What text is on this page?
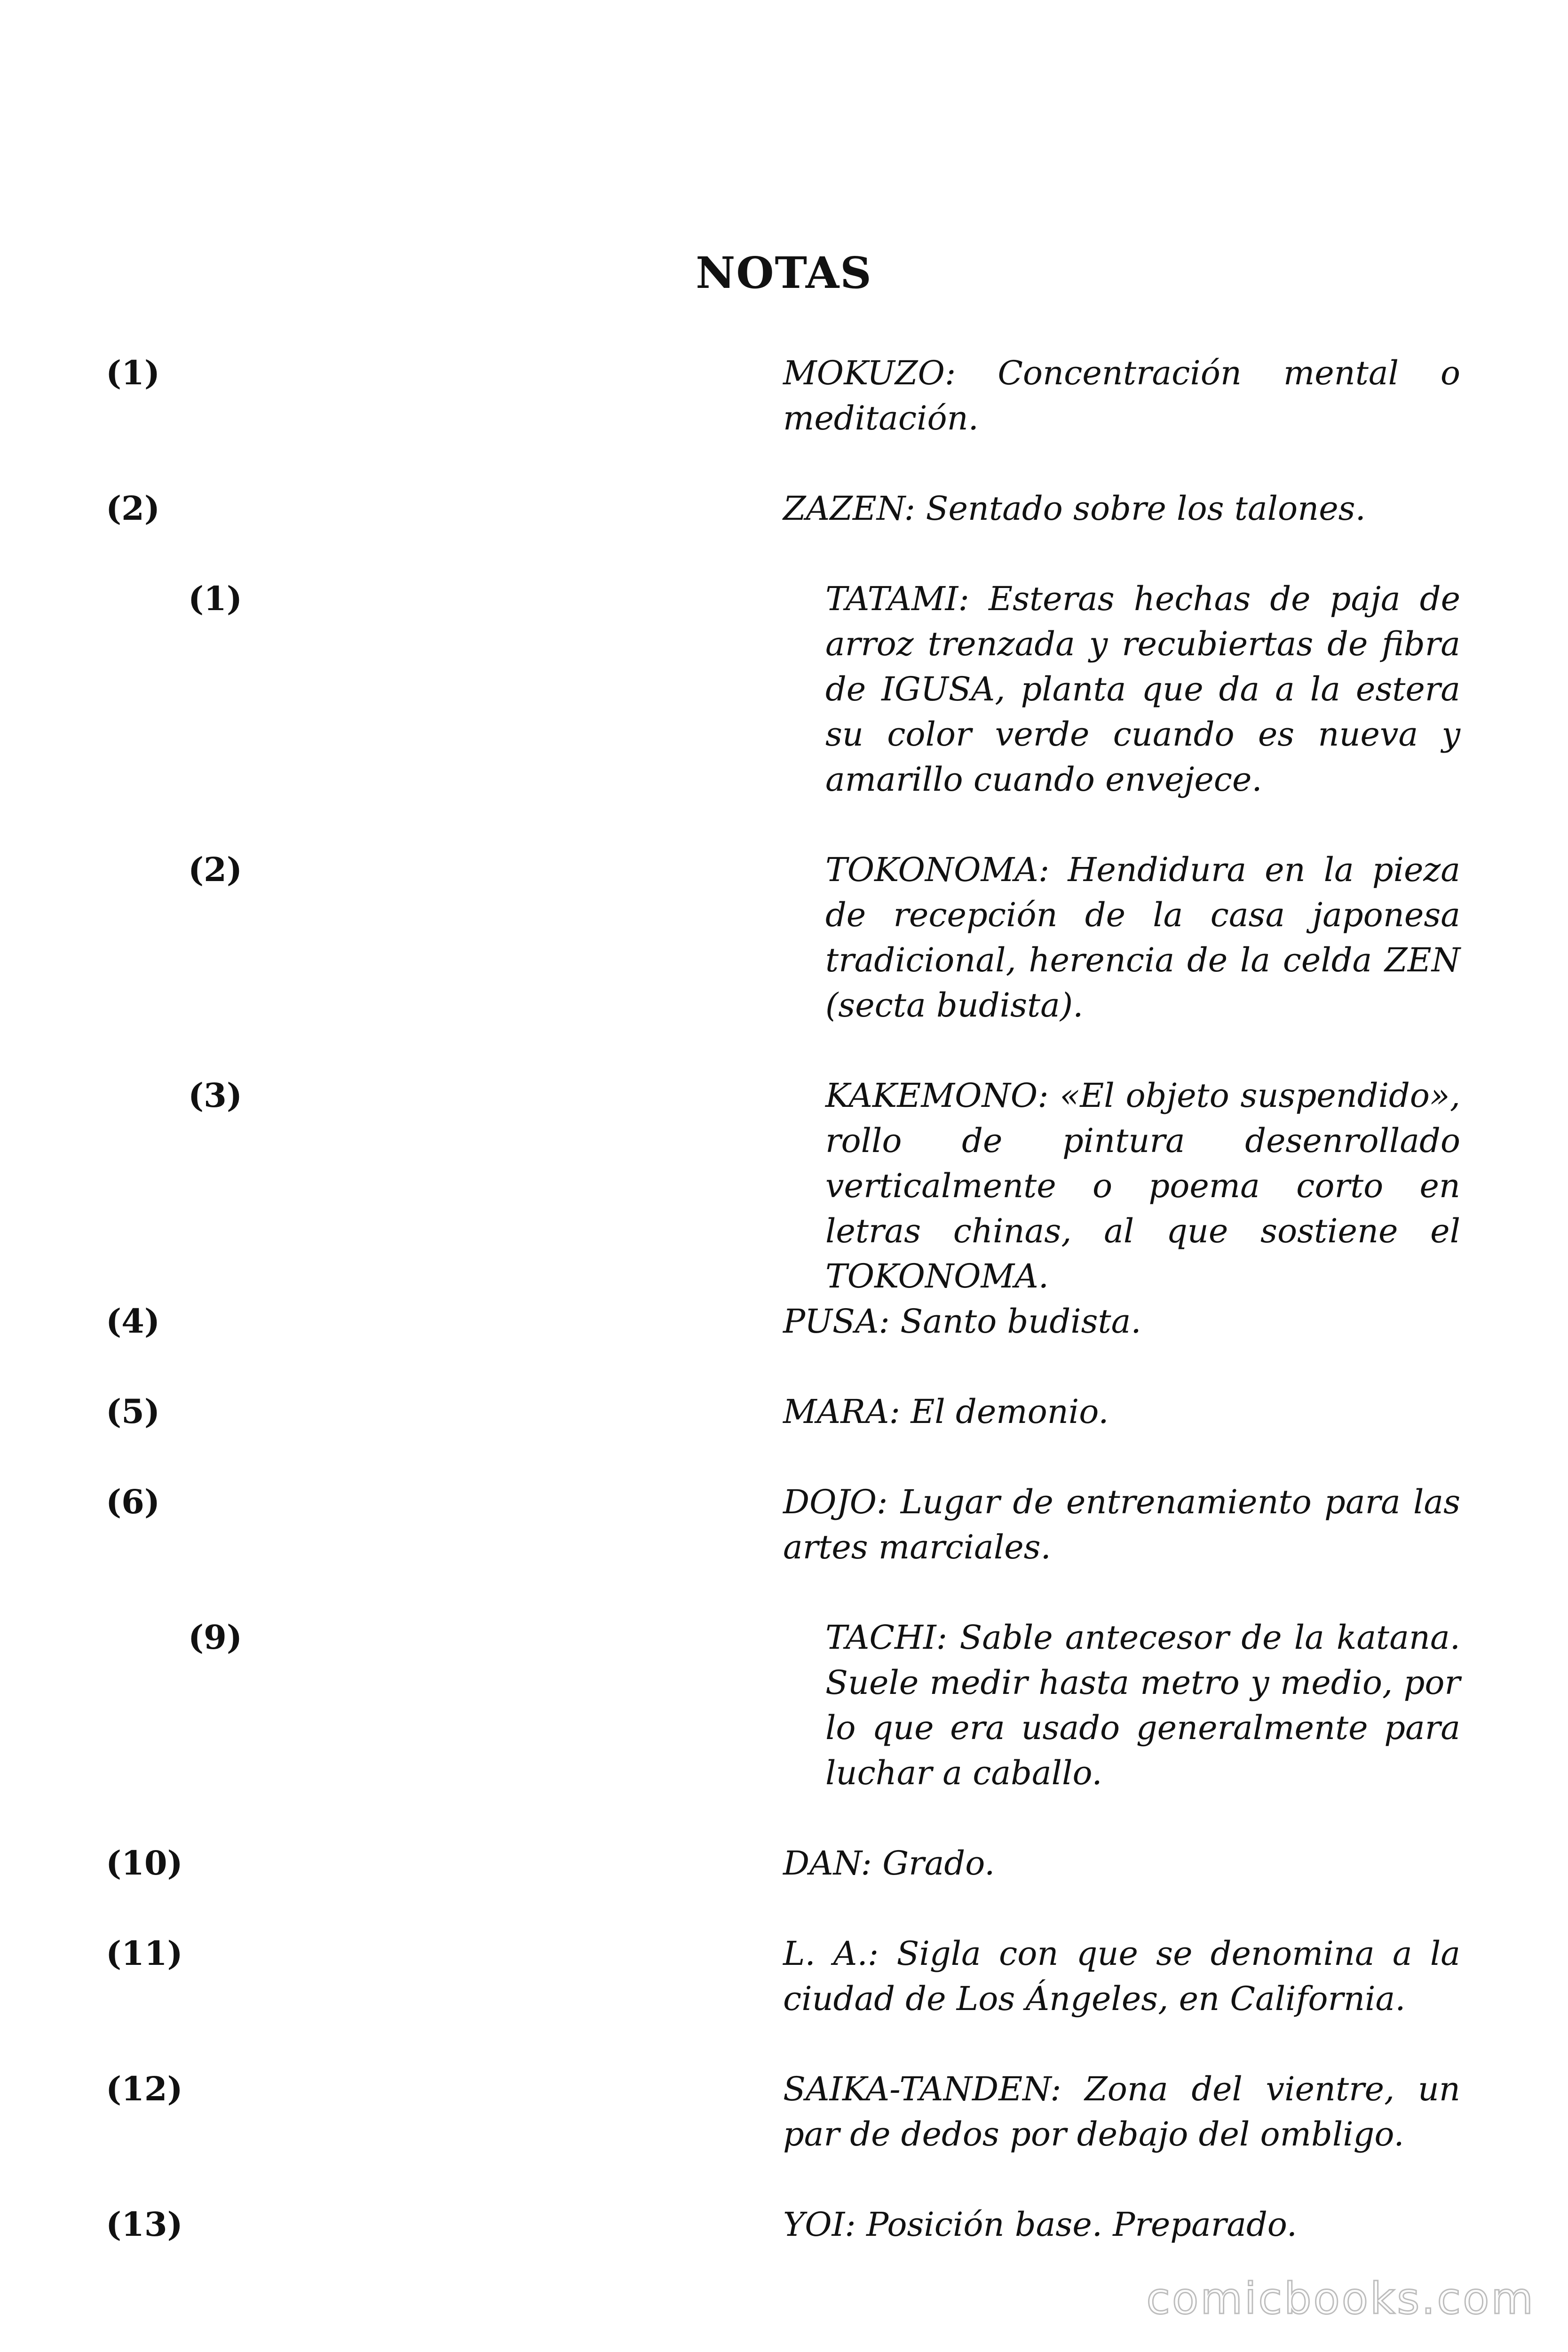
NOTAS
(1)	MOKUZO: Concentración mental o meditación.
(2)	ZAZEN: Sentado sobre los talones.
(1)	TATAMI: Esteras hechas de paja de arroz trenzada y recubiertas de fibra de IGUSA, planta que da a la estera su color verde cuando es nueva y amarillo cuando envejece.
(2)	TOKONOMA: Hendidura en la pieza de recepción de la casa japonesa tradicional, herencia de la celda ZEN (secta budista).
(3)	KAKEMONO: «El objeto suspendido», rollo de pintura desenrollado verticalmente o poema corto en letras chinas, al que sostiene el TOKONOMA.
(4)	PUSA: Santo budista.
(5)	MARA: El demonio.
(6)	DOJO: Lugar de entrenamiento para las artes marciales.
(9)	TACHI: Sable antecesor de la katana. Suele medir hasta metro y medio, por lo que era usado generalmente para luchar a caballo.
(10)	DAN: Grado.
(11)	L. A.: Sigla con que se denomina a la ciudad de Los Ángeles, en California.
(12)	SAIKA-TANDEN: Zona del vientre, un par de dedos por debajo del ombligo.
(13)	YOI: Posición base. Preparado.
comicbooks.com
